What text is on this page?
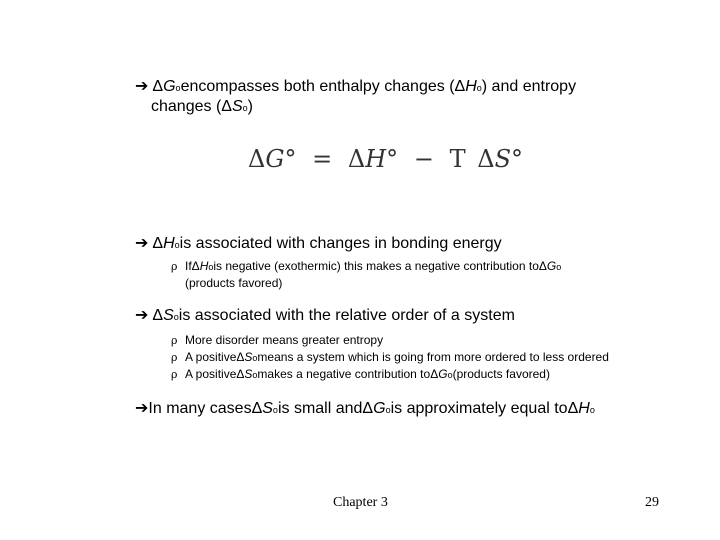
➔ Δ G o encompasses both enthalpy changes ( Δ H o ) and entropy
changes ( Δ S o )
ΔG° = ΔH° − T ΔS°
➔ Δ H o is associated with changes in bonding energy
ρ If Δ H o is negative (exothermic) this makes a negative contribution to Δ G o
(products favored)
➔ Δ S o is associated with the relative order of a system
ρ More disorder means greater entropy
ρ A positive Δ S o means a system which is going from more ordered to less ordered
ρ A positive Δ S o makes a negative contribution to Δ G o (products favored)
➔ In many cases Δ S o is small and Δ G o is approximately equal to Δ H o
Chapter 3	29
